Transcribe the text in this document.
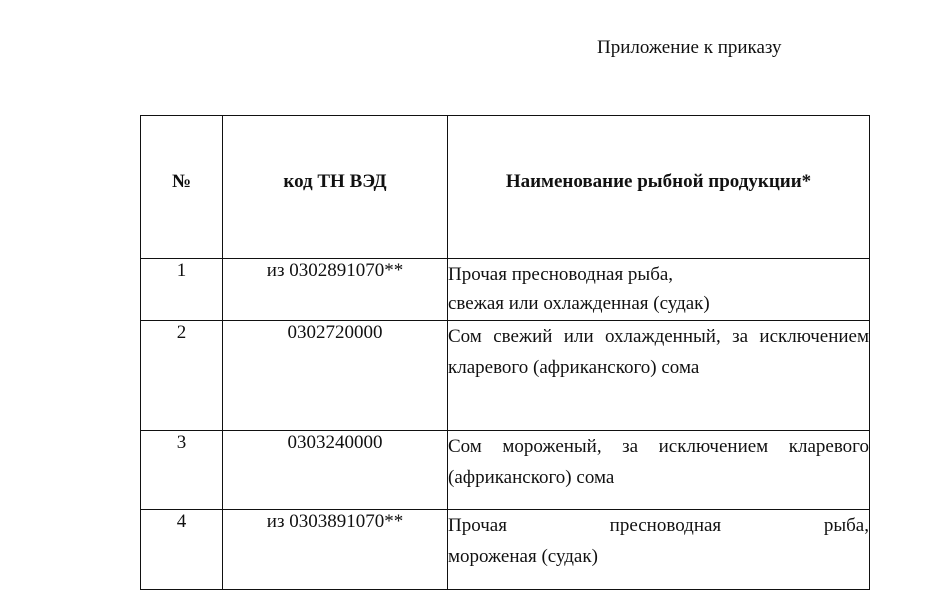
Приложение к приказу
№	код ТН ВЭД	Наименование рыбной продукции*

1	из 0302891070**	Прочая пресноводная рыба,
свежая или охлажденная (судак)

2	0302720000	Сом свежий или охлажденный, за исключением кларевого (африканского) сома

3	0303240000	Сом мороженый, за исключением кларевого (африканского) сома

4	из 0303891070**	Прочая пресноводная рыба,
мороженая (судак)
